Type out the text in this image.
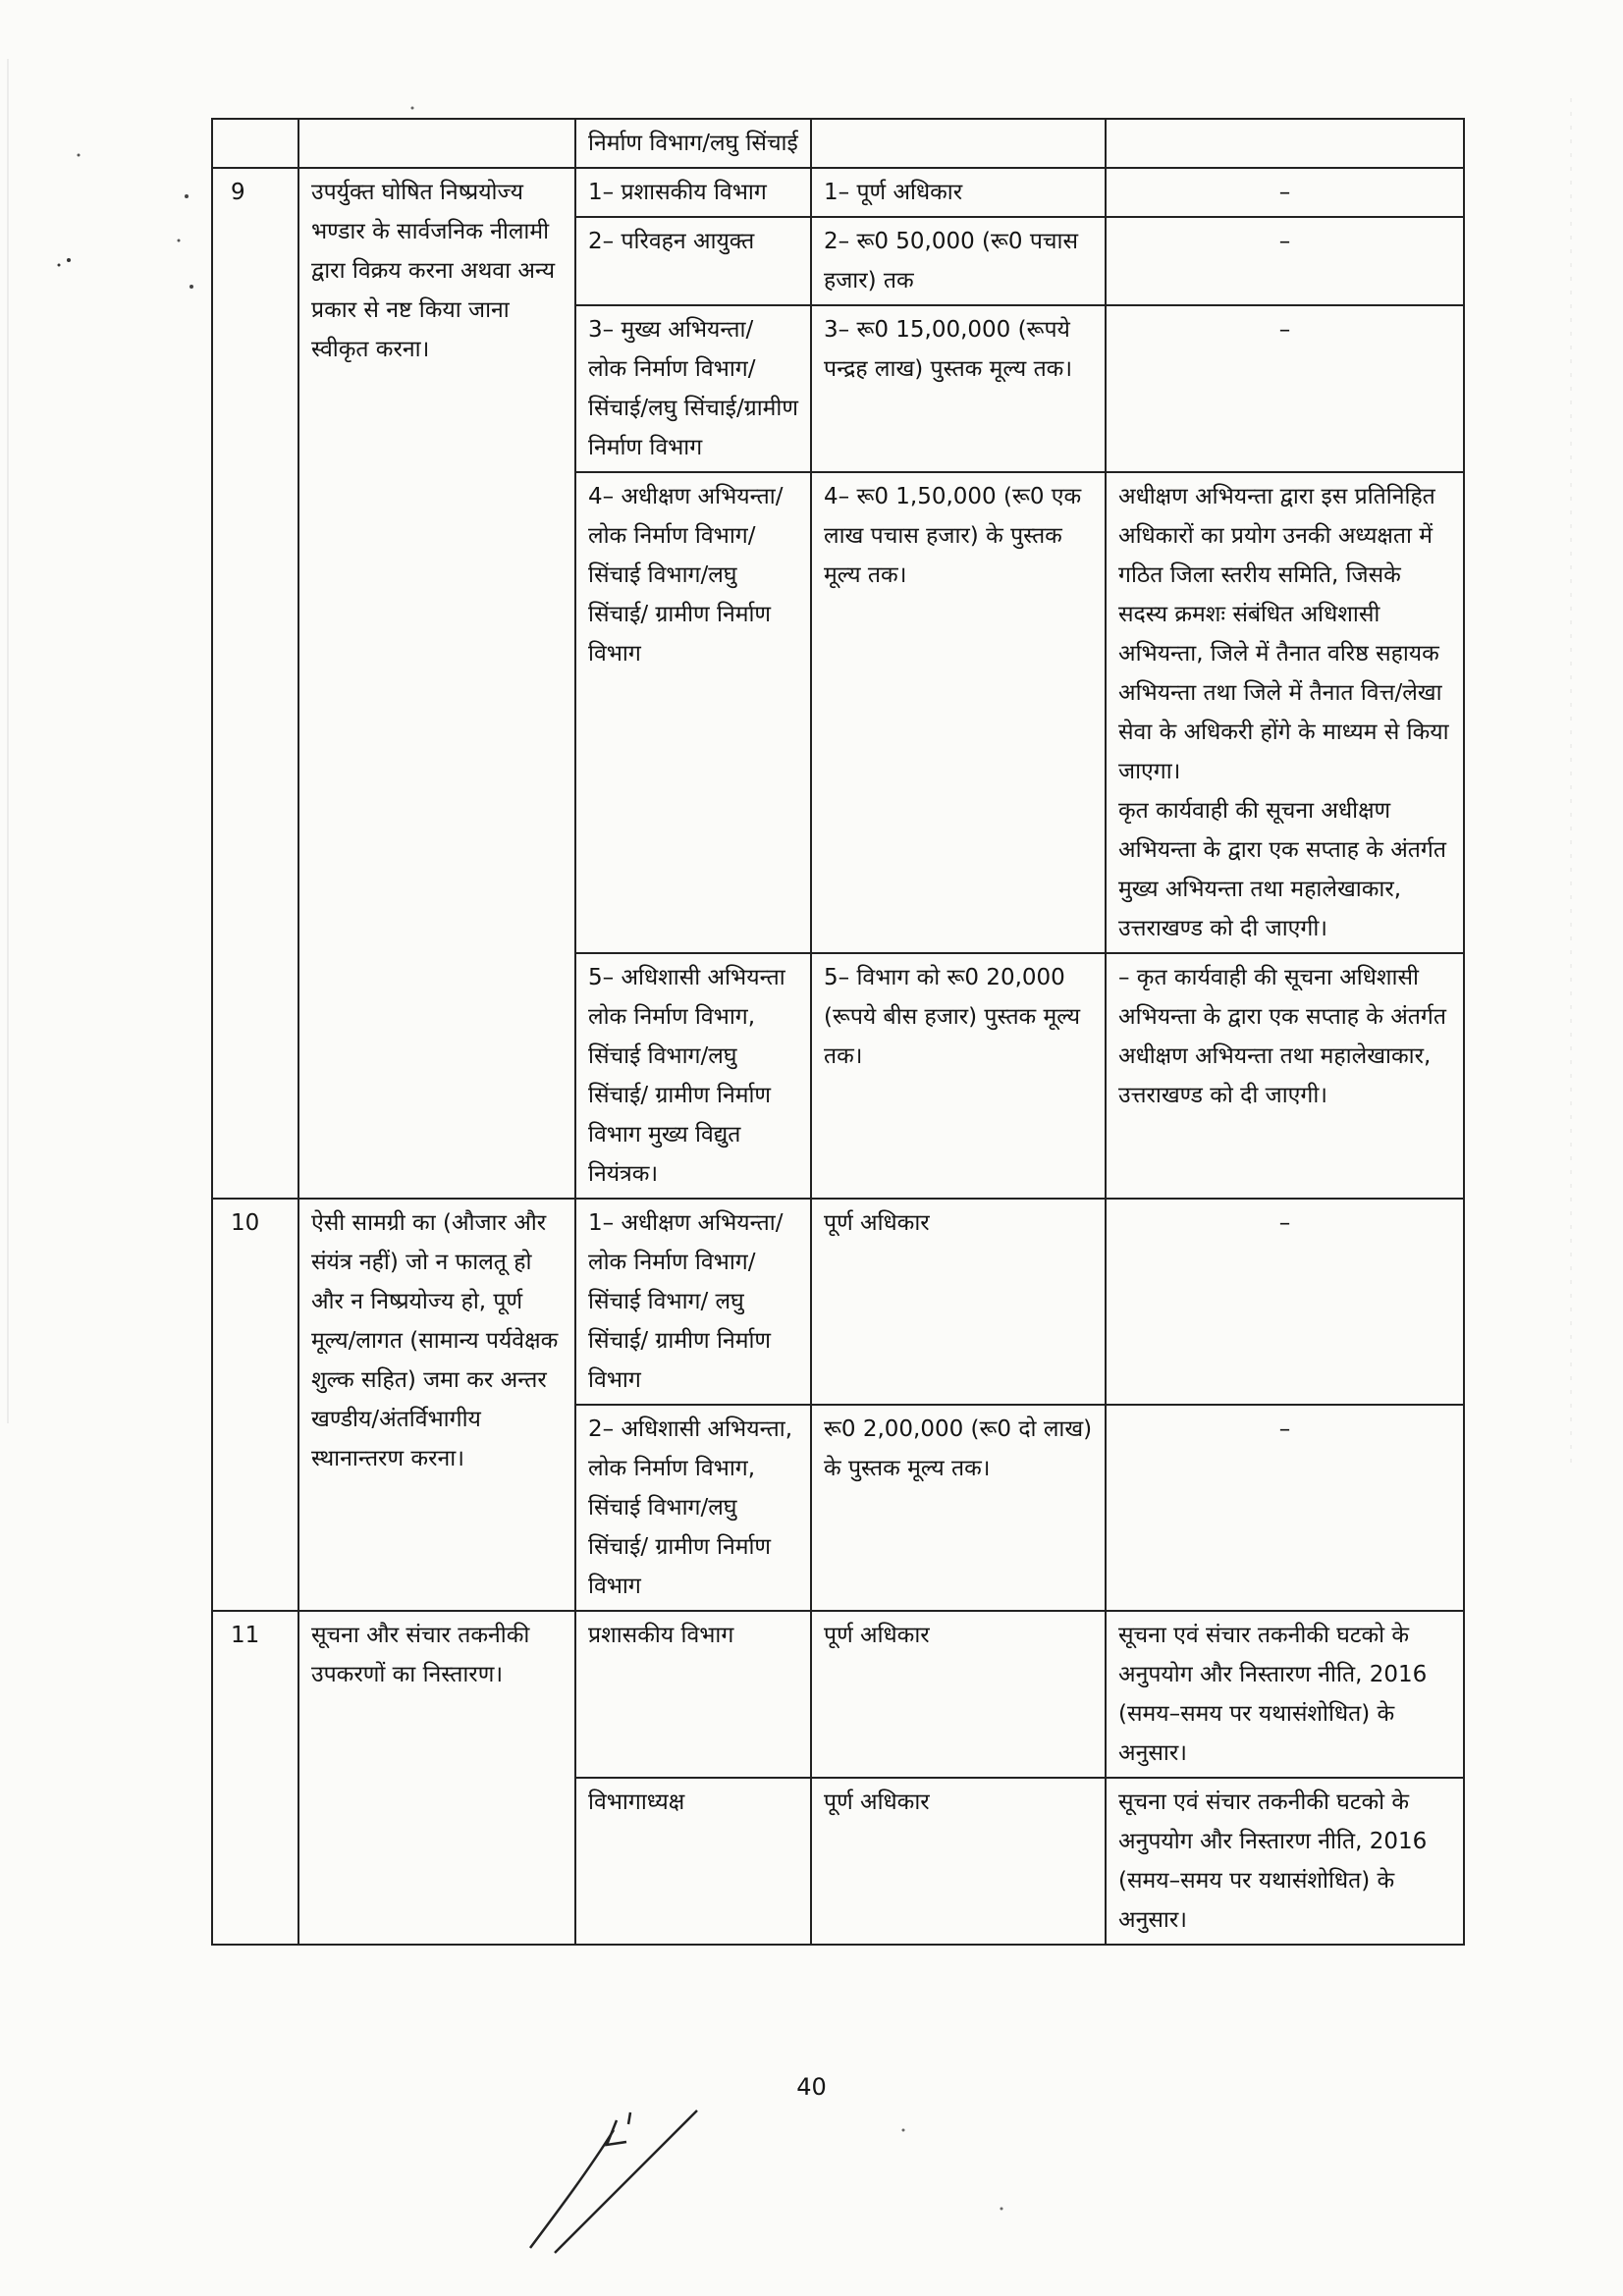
		निर्माण विभाग/लघु सिंचाई		
9	उपर्युक्त घोषित निष्प्रयोज्य भण्डार के सार्वजनिक नीलामी द्वारा विक्रय करना अथवा अन्य प्रकार से नष्ट किया जाना स्वीकृत करना।	1– प्रशासकीय विभाग	1– पूर्ण अधिकार	–
		2– परिवहन आयुक्त	2– रू0 50,000 (रू0 पचास हजार) तक	–
		3– मुख्य अभियन्ता/ लोक निर्माण विभाग/ सिंचाई/लघु सिंचाई/ग्रामीण निर्माण विभाग	3– रू0 15,00,000 (रूपये पन्द्रह लाख) पुस्तक मूल्य तक।	–
		4– अधीक्षण अभियन्ता/लोक निर्माण विभाग/सिंचाई विभाग/लघु सिंचाई/ ग्रामीण निर्माण विभाग	4– रू0 1,50,000 (रू0 एक लाख पचास हजार) के पुस्तक मूल्य तक।	अधीक्षण अभियन्ता द्वारा इस प्रतिनिहित अधिकारों का प्रयोग उनकी अध्यक्षता में गठित जिला स्तरीय समिति, जिसके सदस्य क्रमशः संबंधित अधिशासी अभियन्ता, जिले में तैनात वरिष्ठ सहायक अभियन्ता तथा जिले में तैनात वित्त/लेखा सेवा के अधिकरी होंगे के माध्यम से किया जाएगा।
कृत कार्यवाही की सूचना अधीक्षण अभियन्ता के द्वारा एक सप्ताह के अंतर्गत मुख्य अभियन्ता तथा महालेखाकार, उत्तराखण्ड को दी जाएगी।

		5– अधिशासी अभियन्ता लोक निर्माण विभाग, सिंचाई विभाग/लघु सिंचाई/ ग्रामीण निर्माण विभाग मुख्य विद्युत नियंत्रक।	5– विभाग को रू0 20,000 (रूपये बीस हजार) पुस्तक मूल्य तक।	– कृत कार्यवाही की सूचना अधिशासी अभियन्ता के द्वारा एक सप्ताह के अंतर्गत अधीक्षण अभियन्ता तथा महालेखाकार, उत्तराखण्ड को दी जाएगी।
10	ऐसी सामग्री का (औजार और संयंत्र नहीं) जो न फालतू हो और न निष्प्रयोज्य हो, पूर्ण मूल्य/लागत (सामान्य पर्यवेक्षक शुल्क सहित) जमा कर अन्तर खण्डीय/अंतर्विभागीय स्थानान्तरण करना।	1– अधीक्षण अभियन्ता/ लोक निर्माण विभाग/सिंचाई विभाग/ लघु सिंचाई/ ग्रामीण निर्माण विभाग	पूर्ण अधिकार	–
		2– अधिशासी अभियन्ता, लोक निर्माण विभाग, सिंचाई विभाग/लघु सिंचाई/ ग्रामीण निर्माण विभाग	रू0 2,00,000 (रू0 दो लाख) के पुस्तक मूल्य तक।	–
11	सूचना और संचार तकनीकी उपकरणों का निस्तारण।	प्रशासकीय विभाग	पूर्ण अधिकार	सूचना एवं संचार तकनीकी घटको के अनुपयोग और निस्तारण नीति, 2016 (समय–समय पर यथासंशोधित) के अनुसार।
		विभागाध्यक्ष	पूर्ण अधिकार	सूचना एवं संचार तकनीकी घटको के अनुपयोग और निस्तारण नीति, 2016 (समय–समय पर यथासंशोधित) के अनुसार।
40
